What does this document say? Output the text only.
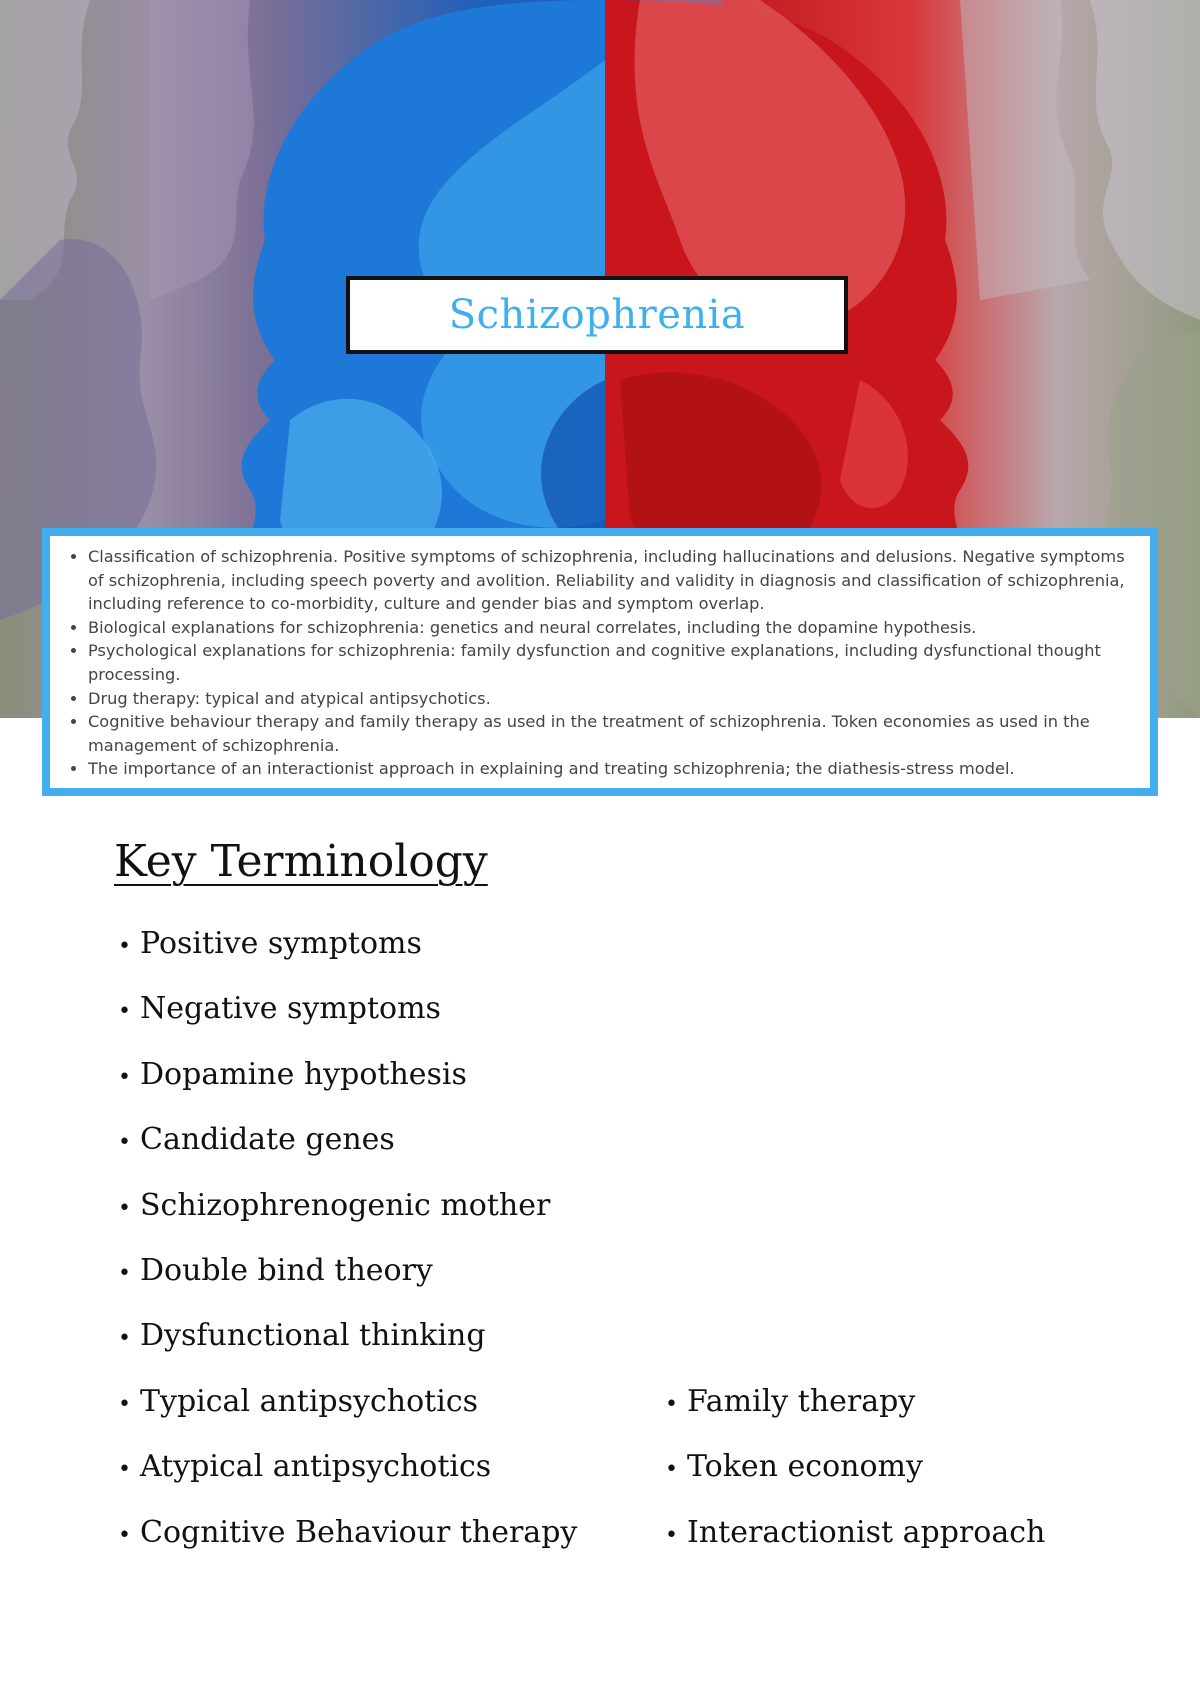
Schizophrenia
• Classification of schizophrenia. Positive symptoms of schizophrenia, including hallucinations and delusions. Negative symptoms of schizophrenia, including speech poverty and avolition. Reliability and validity in diagnosis and classification of schizophrenia, including reference to co-morbidity, culture and gender bias and symptom overlap.
• Biological explanations for schizophrenia: genetics and neural correlates, including the dopamine hypothesis.
• Psychological explanations for schizophrenia: family dysfunction and cognitive explanations, including dysfunctional thought processing.
• Drug therapy: typical and atypical antipsychotics.
• Cognitive behaviour therapy and family therapy as used in the treatment of schizophrenia. Token economies as used in the management of schizophrenia.
• The importance of an interactionist approach in explaining and treating schizophrenia; the diathesis-stress model.
Key Terminology
• Positive symptoms
• Negative symptoms
• Dopamine hypothesis
• Candidate genes
• Schizophrenogenic mother
• Double bind theory
• Dysfunctional thinking
• Typical antipsychotics
• Atypical antipsychotics
• Cognitive Behaviour therapy
• Family therapy
• Token economy
• Interactionist approach
